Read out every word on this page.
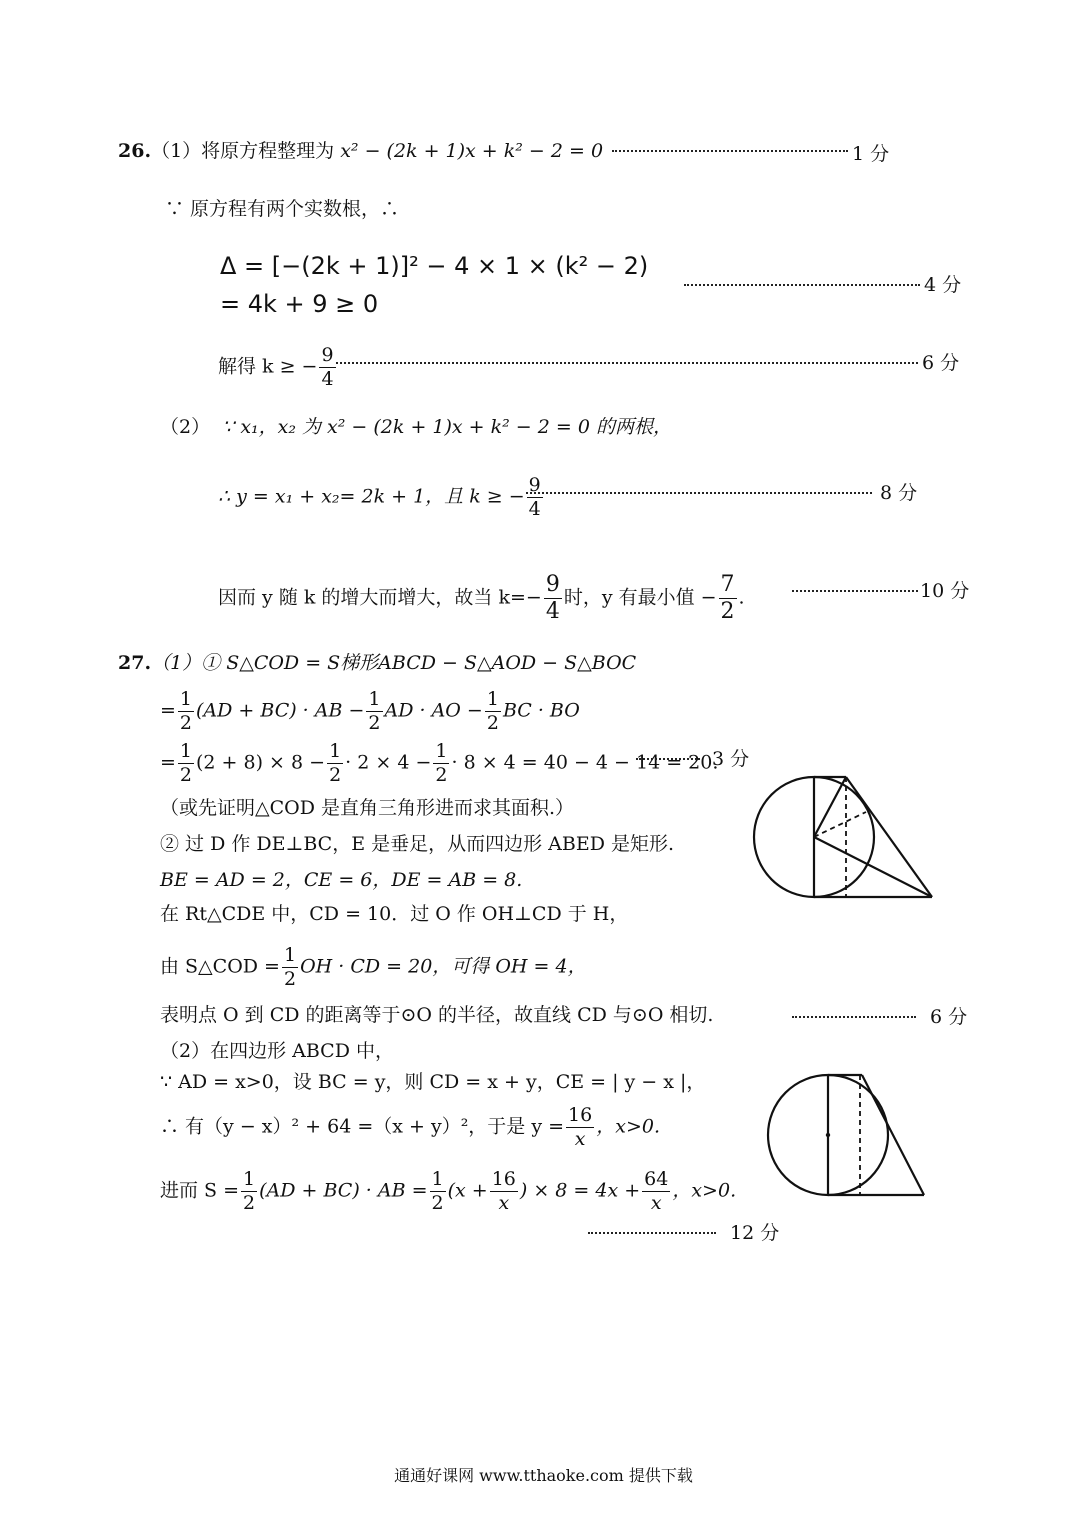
26.（1）将原方程整理为 x² − (2k + 1)x + k² − 2 = 0	1 分
∵ 原方程有两个实数根，∴
Δ = [−(2k + 1)]² − 4 × 1 × (k² − 2)
= 4k + 9 ≥ 0
4 分
解得 k ≥ − $\frac{9}{4}$	6 分
（2） ∵ x₁，x₂ 为 x² − (2k + 1)x + k² − 2 = 0 的两根，
∴ y = x₁ + x₂= 2k + 1，且 k ≥ − $\frac{9}{4}$	8 分
因而 y 随 k 的增大而增大，故当 $k=- \frac{9}{4}$ 时，y 有最小值 − $\frac{7}{2}$ .	10 分
27.（1）① S△COD = S梯形ABCD − S△AOD − S△BOC
= $\frac{1}{2} (AD + BC)$ · AB − $\frac{1}{2}$ AD · AO − $\frac{1}{2}$ BC · BO
= $\frac{1}{2} (2 + 8) \times 8 - \frac{1}{2} \cdot 2 \times 4 - \frac{1}{2} \cdot 8 \times 4 = 40 - 4 - 14 = 20$.
3 分
（或先证明△COD 是直角三角形进而求其面积.）
② 过 D 作 DE⊥BC，E 是垂足，从而四边形 ABED 是矩形.
BE = AD = 2，CE = 6，DE = AB = 8.
在 Rt△CDE 中，CD = 10．过 O 作 OH⊥CD 于 H，
由 S△COD = $\frac{1}{2}$ OH · CD = 20，可得 OH = 4，
表明点 O 到 CD 的距离等于⊙O 的半径，故直线 CD 与⊙O 相切.	6 分
（2）在四边形 ABCD 中，
∵ AD = x>0，设 BC = y，则 CD = x + y，CE = | y − x |，
∴ 有（y − x）² + 64 =（x + y）²，于是 $y = \frac{16}{x}$ ，x>0.
进而 $S = \frac{1}{2} (AD + BC)$ · AB = $\frac{1}{2} (x + \frac{16}{x}$ ) × $8 = 4x + \frac{64}{x}$ ，x>0.
12 分
通通好课网 www.tthaoke.com 提供下载
